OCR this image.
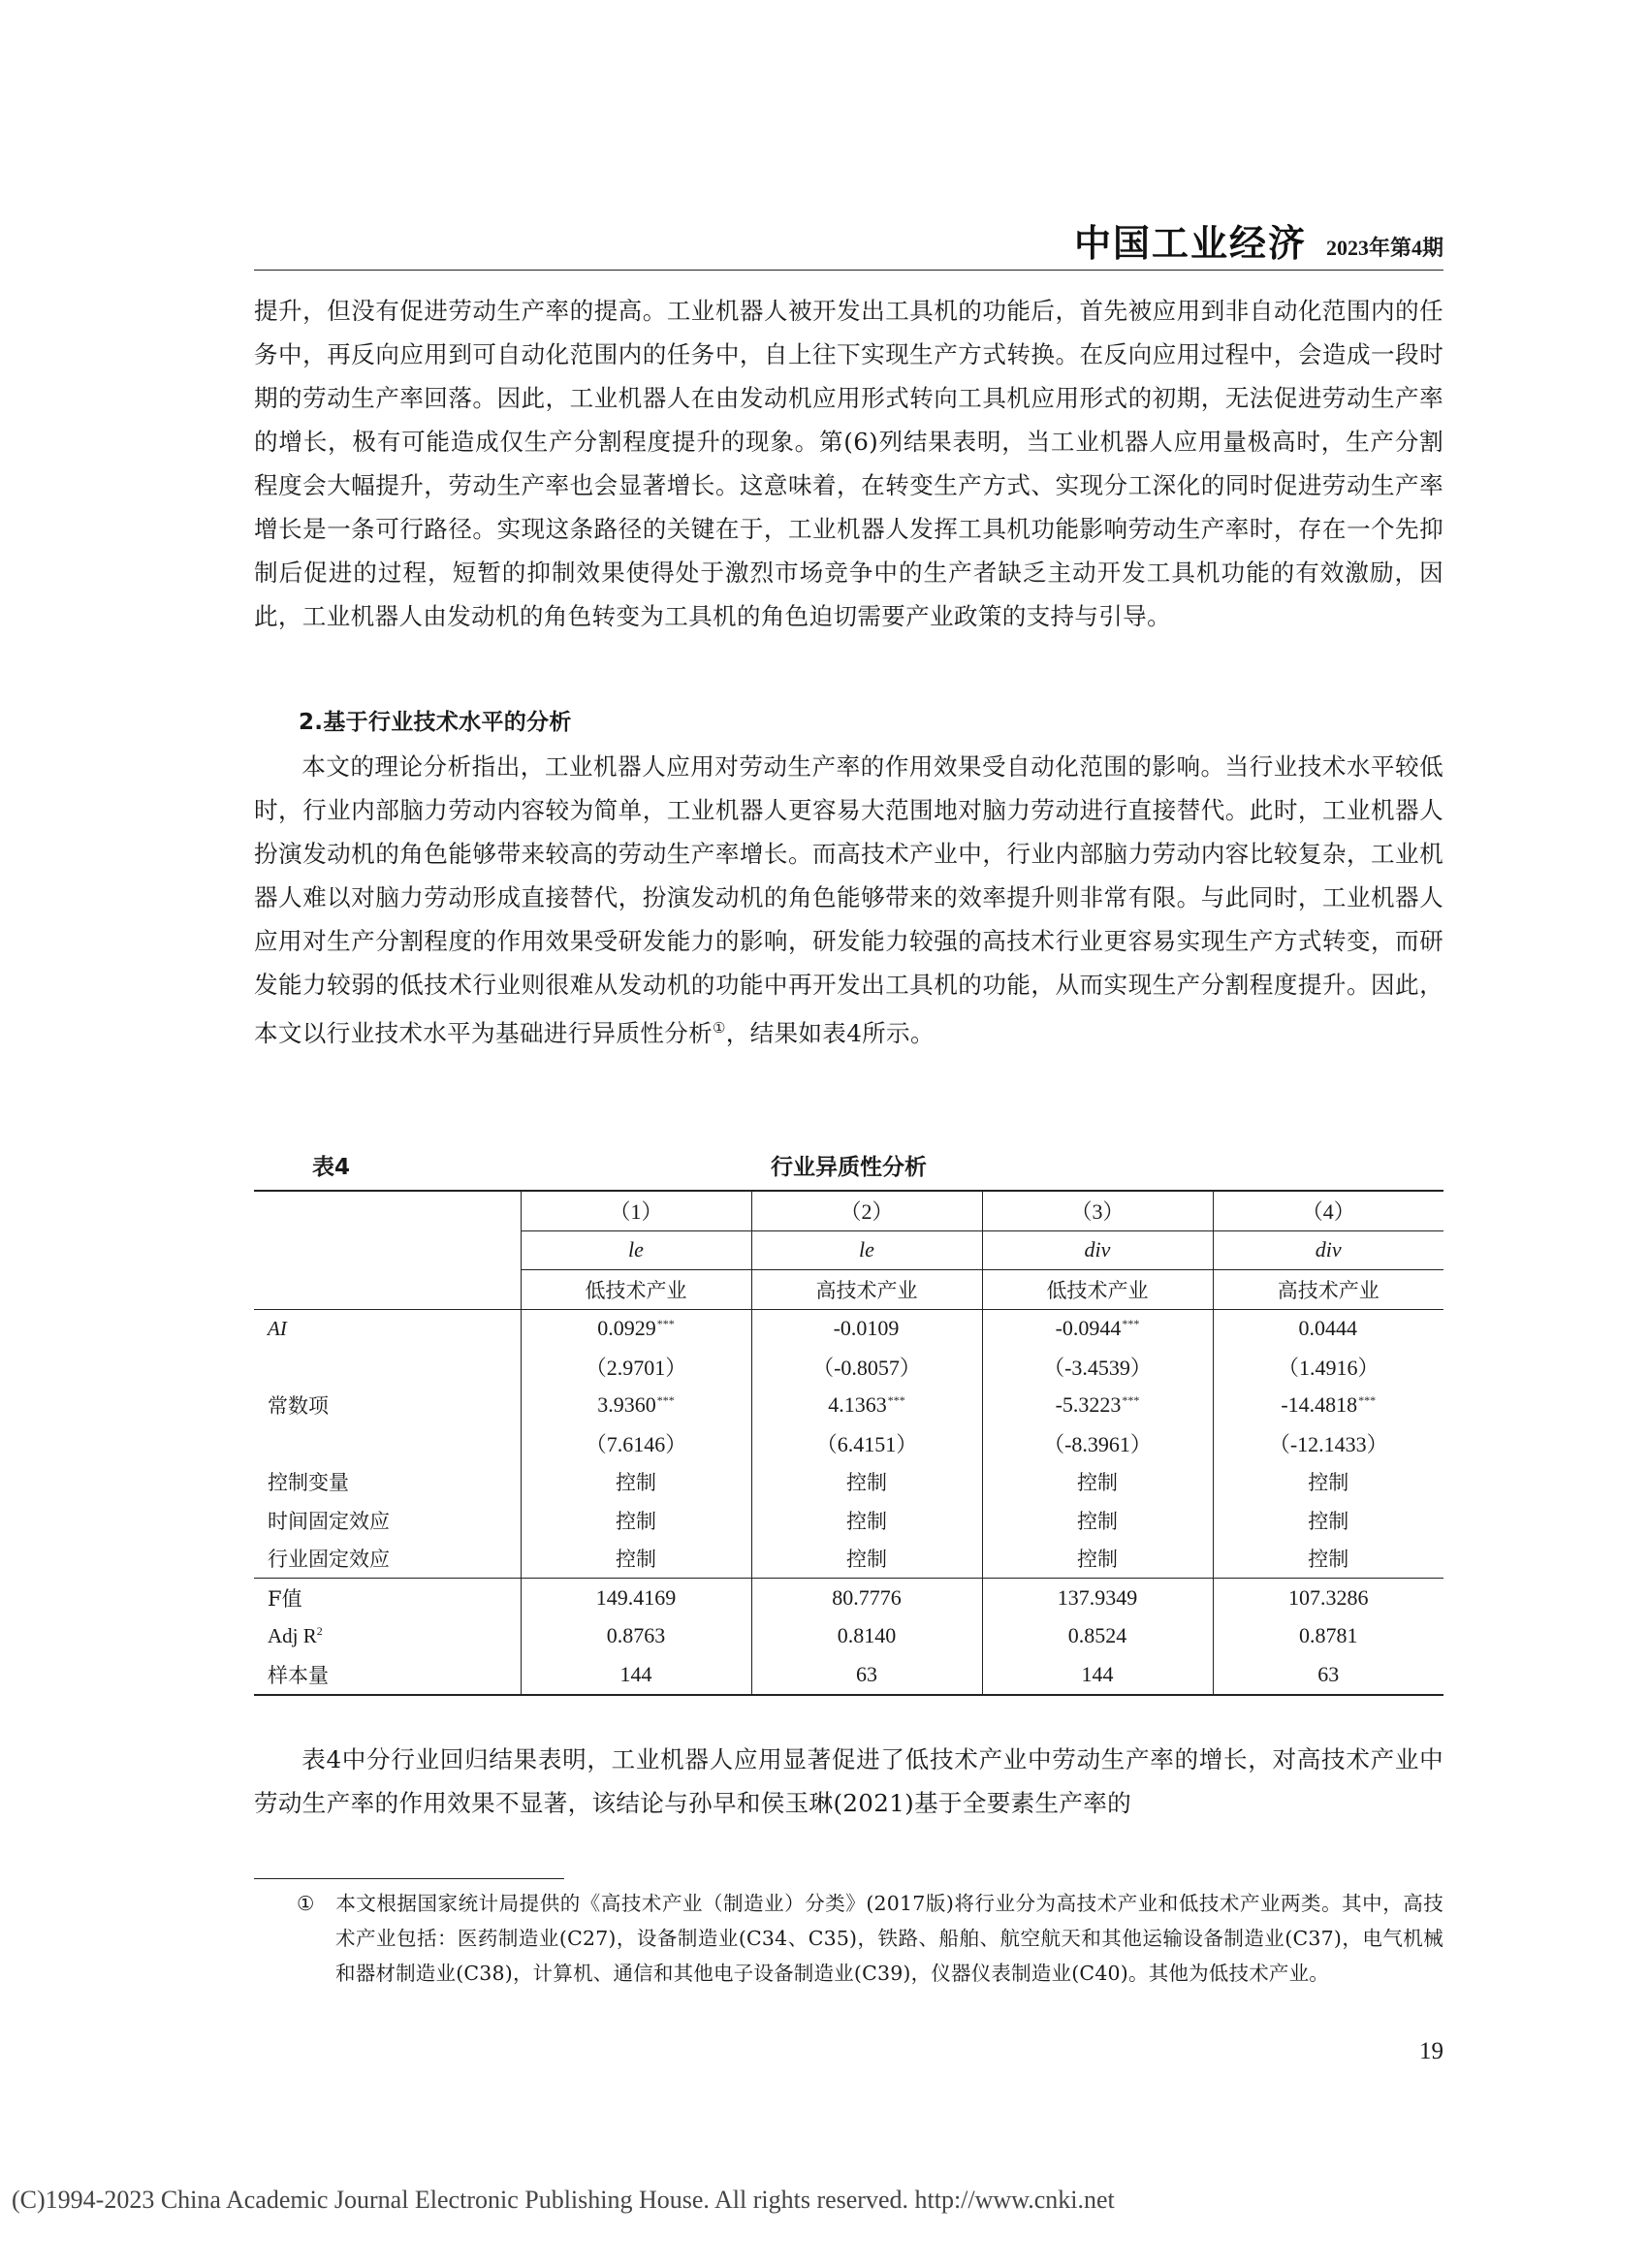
中国工业经济 2023年第4期

提升，但没有促进劳动生产率的提高。工业机器人被开发出工具机的功能后，首先被应用到非自动化范围内的任务中，再反向应用到可自动化范围内的任务中，自上往下实现生产方式转换。在反向应用过程中，会造成一段时期的劳动生产率回落。因此，工业机器人在由发动机应用形式转向工具机应用形式的初期，无法促进劳动生产率的增长，极有可能造成仅生产分割程度提升的现象。第(6)列结果表明，当工业机器人应用量极高时，生产分割程度会大幅提升，劳动生产率也会显著增长。这意味着，在转变生产方式、实现分工深化的同时促进劳动生产率增长是一条可行路径。实现这条路径的关键在于，工业机器人发挥工具机功能影响劳动生产率时，存在一个先抑制后促进的过程，短暂的抑制效果使得处于激烈市场竞争中的生产者缺乏主动开发工具机功能的有效激励，因此，工业机器人由发动机的角色转变为工具机的角色迫切需要产业政策的支持与引导。

2.基于行业技术水平的分析

本文的理论分析指出，工业机器人应用对劳动生产率的作用效果受自动化范围的影响。当行业技术水平较低时，行业内部脑力劳动内容较为简单，工业机器人更容易大范围地对脑力劳动进行直接替代。此时，工业机器人扮演发动机的角色能够带来较高的劳动生产率增长。而高技术产业中，行业内部脑力劳动内容比较复杂，工业机器人难以对脑力劳动形成直接替代，扮演发动机的角色能够带来的效率提升则非常有限。与此同时，工业机器人应用对生产分割程度的作用效果受研发能力的影响，研发能力较强的高技术行业更容易实现生产方式转变，而研发能力较弱的低技术行业则很难从发动机的功能中再开发出工具机的功能，从而实现生产分割程度提升。因此，本文以行业技术水平为基础进行异质性分析①，结果如表4所示。

表4	行业异质性分析
	（1）	（2）	（3）	（4）
	le	le	div	div
	低技术产业	高技术产业	低技术产业	高技术产业
AI	0.0929***	-0.0109	-0.0944***	0.0444
	（2.9701）	（-0.8057）	（-3.4539）	（1.4916）
常数项	3.9360***	4.1363***	-5.3223***	-14.4818***
	（7.6146）	（6.4151）	（-8.3961）	（-12.1433）
控制变量	控制	控制	控制	控制
时间固定效应	控制	控制	控制	控制
行业固定效应	控制	控制	控制	控制
F值	149.4169	80.7776	137.9349	107.3286
Adj $R^2$	0.8763	0.8140	0.8524	0.8781
样本量	144	63	144	63

表4中分行业回归结果表明，工业机器人应用显著促进了低技术产业中劳动生产率的增长，对高技术产业中劳动生产率的作用效果不显著，该结论与孙早和侯玉琳(2021)基于全要素生产率的

① 本文根据国家统计局提供的《高技术产业（制造业）分类》(2017版)将行业分为高技术产业和低技术产业两类。其中，高技术产业包括：医药制造业(C27)，设备制造业(C34、C35)，铁路、船舶、航空航天和其他运输设备制造业(C37)，电气机械和器材制造业(C38)，计算机、通信和其他电子设备制造业(C39)，仪器仪表制造业(C40)。其他为低技术产业。

19
(C)1994-2023 China Academic Journal Electronic Publishing House. All rights reserved. http://www.cnki.net
